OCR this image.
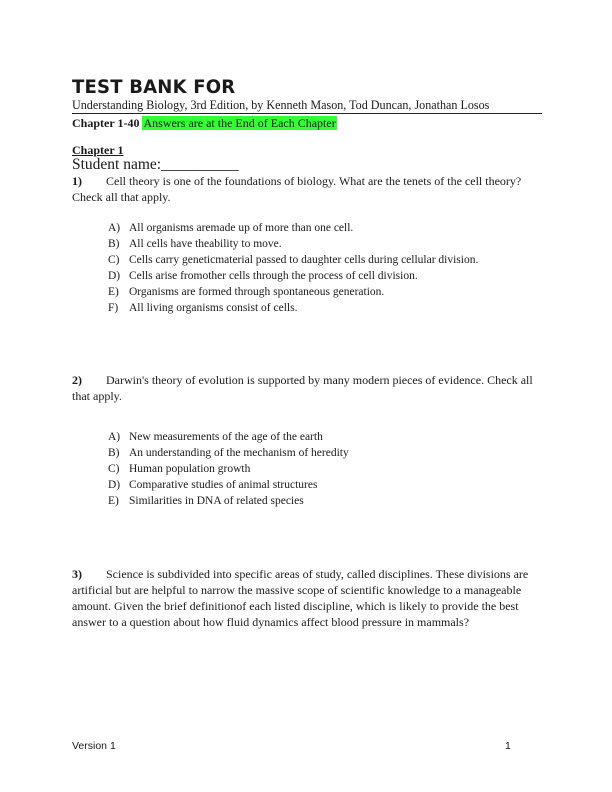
TEST BANK FOR
Understanding Biology, 3rd Edition, by Kenneth Mason, Tod Duncan, Jonathan Losos
Chapter 1-40 Answers are at the End of Each Chapter
Chapter 1
Student name:__________
1) Cell theory is one of the foundations of biology. What are the tenets of the cell theory? Check all that apply.
A) All organisms aremade up of more than one cell.
B) All cells have theability to move.
C) Cells carry geneticmaterial passed to daughter cells during cellular division.
D) Cells arise fromother cells through the process of cell division.
E) Organisms are formed through spontaneous generation.
F) All living organisms consist of cells.
2) Darwin's theory of evolution is supported by many modern pieces of evidence. Check all that apply.
A) New measurements of the age of the earth
B) An understanding of the mechanism of heredity
C) Human population growth
D) Comparative studies of animal structures
E) Similarities in DNA of related species
3) Science is subdivided into specific areas of study, called disciplines. These divisions are artificial but are helpful to narrow the massive scope of scientific knowledge to a manageable amount. Given the brief definitionof each listed discipline, which is likely to provide the best answer to a question about how fluid dynamics affect blood pressure in mammals?
Version 1	1
